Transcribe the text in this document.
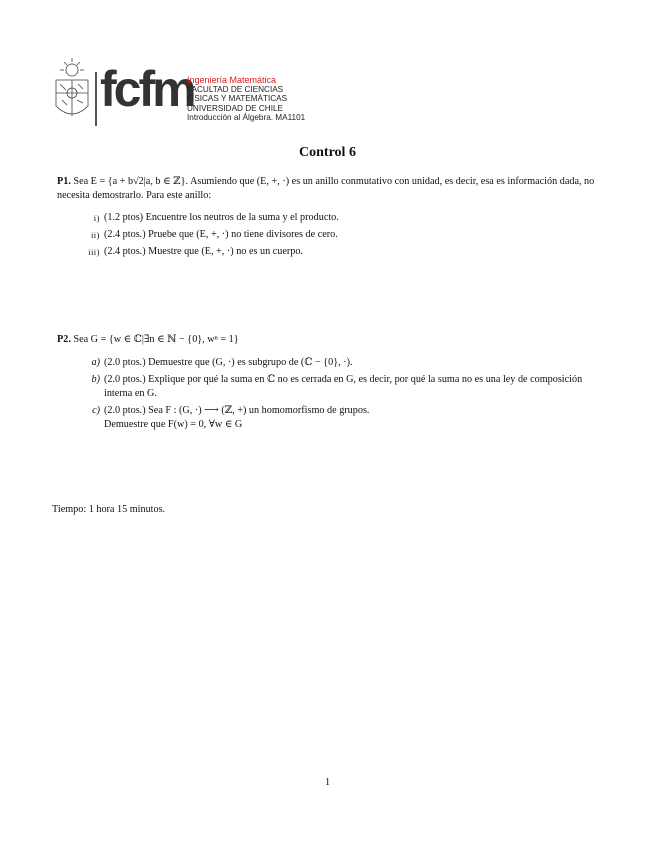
fcfm
Ingeniería Matemática
FACULTAD DE CIENCIAS
FÍSICAS Y MATEMÁTICAS
UNIVERSIDAD DE CHILE
Introducción al Álgebra. MA1101
Control 6
P1. Sea E = {a + b√2|a, b ∈ ℤ}. Asumiendo que (E, +, ·) es un anillo conmutativo con unidad, es decir, esa es información dada, no necesita demostrarlo. Para este anillo:
i) (1.2 ptos) Encuentre los neutros de la suma y el producto.
ii) (2.4 ptos.) Pruebe que (E, +, ·) no tiene divisores de cero.
iii) (2.4 ptos.) Muestre que (E, +, ·) no es un cuerpo.
P2. Sea G = {w ∈ ℂ|∃n ∈ ℕ − {0}, wⁿ = 1}
a) (2.0 ptos.) Demuestre que (G, ·) es subgrupo de (ℂ − {0}, ·).
b) (2.0 ptos.) Explique por qué la suma en ℂ no es cerrada en G, es decir, por qué la suma no es una ley de composición interna en G.
c) (2.0 ptos.) Sea F : (G, ·) ⟶ (ℤ, +) un homomorfismo de grupos.
Demuestre que F(w) = 0, ∀w ∈ G
Tiempo: 1 hora 15 minutos.
1
